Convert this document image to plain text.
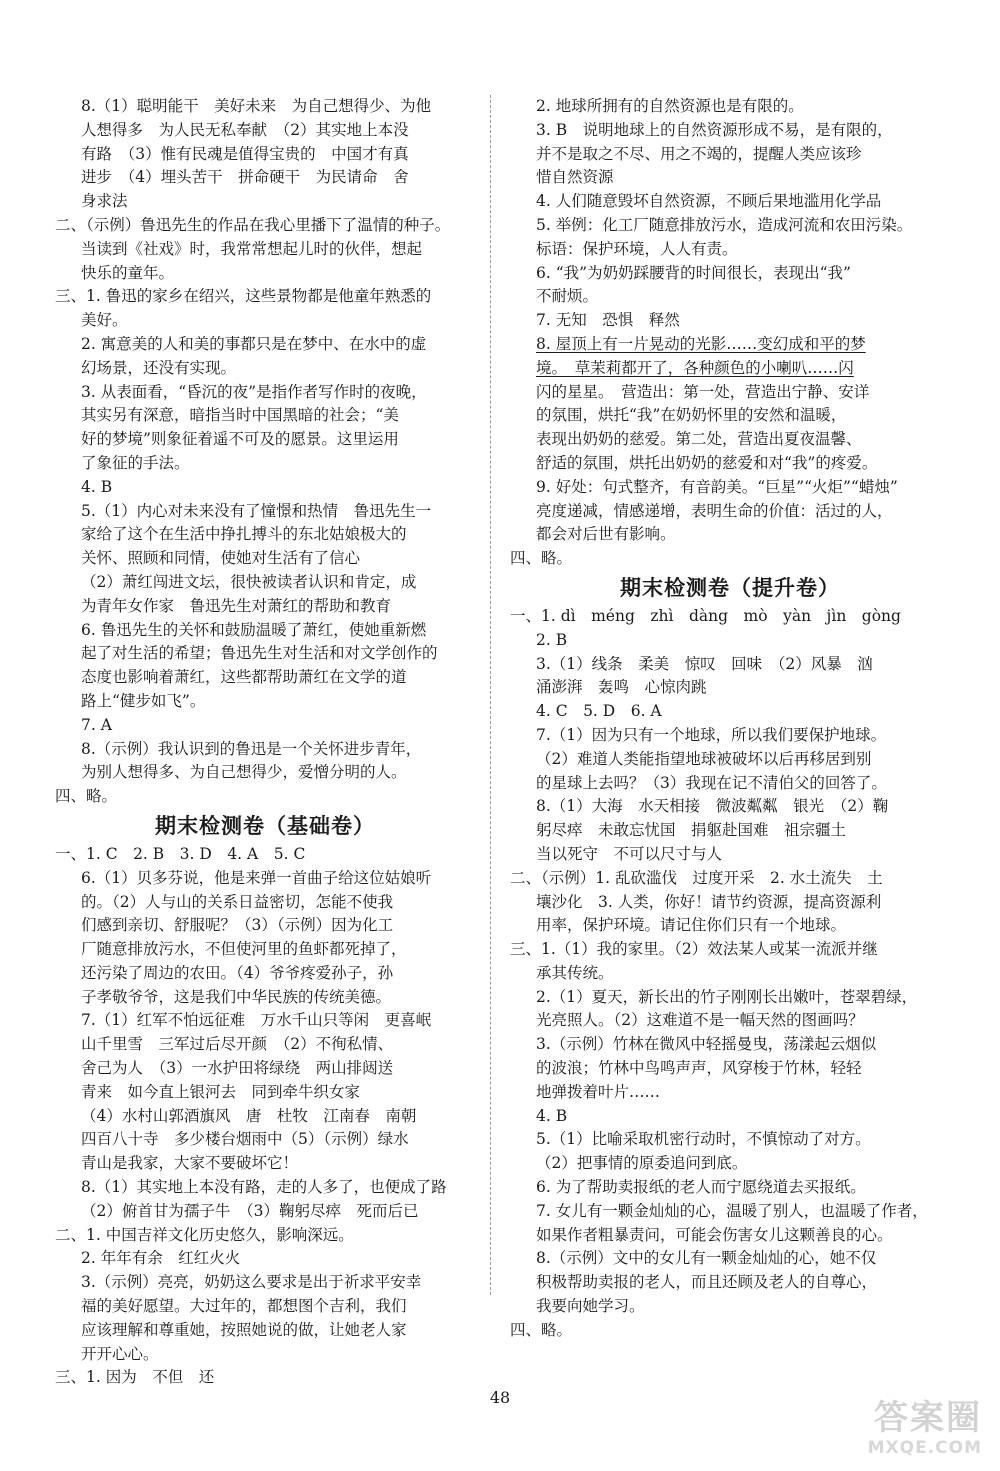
8.（1）聪明能干　美好未来　为自己想得少、为他
人想得多　为人民无私奉献　（2）其实地上本没
有路　（3）惟有民魂是值得宝贵的　中国才有真
进步　（4）埋头苦干　拼命硬干　为民请命　舍
身求法
二、（示例）鲁迅先生的作品在我心里播下了温情的种子。
当读到《社戏》时，我常常想起儿时的伙伴，想起
快乐的童年。
三、1. 鲁迅的家乡在绍兴，这些景物都是他童年熟悉的
美好。
2. 寓意美的人和美的事都只是在梦中、在水中的虚
幻场景，还没有实现。
3. 从表面看，“昏沉的夜”是指作者写作时的夜晚，
其实另有深意，暗指当时中国黑暗的社会；“美
好的梦境”则象征着遥不可及的愿景。这里运用
了象征的手法。
4. B
5.（1）内心对未来没有了憧憬和热情　鲁迅先生一
家给了这个在生活中挣扎搏斗的东北姑娘极大的
关怀、照顾和同情，使她对生活有了信心
（2）萧红闯进文坛，很快被读者认识和肯定，成
为青年女作家　鲁迅先生对萧红的帮助和教育
6. 鲁迅先生的关怀和鼓励温暖了萧红，使她重新燃
起了对生活的希望；鲁迅先生对生活和对文学创作的
态度也影响着萧红，这些都帮助萧红在文学的道
路上“健步如飞”。
7. A
8.（示例）我认识到的鲁迅是一个关怀进步青年，
为别人想得多、为自己想得少，爱憎分明的人。
四、略。
期末检测卷（基础卷）
一、1. C　2. B　3. D　4. A　5. C
6.（1）贝多芬说，他是来弹一首曲子给这位姑娘听
的。（2）人与山的关系日益密切，怎能不使我
们感到亲切、舒服呢？（3）（示例）因为化工
厂随意排放污水，不但使河里的鱼虾都死掉了，
还污染了周边的农田。（4）爷爷疼爱孙子，孙
子孝敬爷爷，这是我们中华民族的传统美德。
7.（1）红军不怕远征难　万水千山只等闲　更喜岷
山千里雪　三军过后尽开颜　（2）不徇私情、
舍己为人　（3）一水护田将绿绕　两山排闼送
青来　如今直上银河去　同到牵牛织女家
（4）水村山郭酒旗风　唐　杜牧　江南春　南朝
四百八十寺　多少楼台烟雨中（5）（示例）绿水
青山是我家，大家不要破坏它！
8.（1）其实地上本没有路，走的人多了，也便成了路
（2）俯首甘为孺子牛　（3）鞠躬尽瘁　死而后已
二、1. 中国吉祥文化历史悠久，影响深远。
2. 年年有余　红红火火
3.（示例）亮亮，奶奶这么要求是出于祈求平安幸
福的美好愿望。大过年的，都想图个吉利，我们
应该理解和尊重她，按照她说的做，让她老人家
开开心心。
三、1. 因为　不但　还
2. 地球所拥有的自然资源也是有限的。
3. B　说明地球上的自然资源形成不易，是有限的，
并不是取之不尽、用之不竭的，提醒人类应该珍
惜自然资源
4. 人们随意毁坏自然资源，不顾后果地滥用化学品
5. 举例：化工厂随意排放污水，造成河流和农田污染。
标语：保护环境，人人有责。
6. “我”为奶奶踩腰背的时间很长，表现出“我”
不耐烦。
7. 无知　恐惧　释然
8. 屋顶上有一片晃动的光影……变幻成和平的梦
境。　草茉莉都开了，各种颜色的小喇叭……闪
闪的星星。　营造出：第一处，营造出宁静、安详
的氛围，烘托“我”在奶奶怀里的安然和温暖，
表现出奶奶的慈爱。第二处，营造出夏夜温馨、
舒适的氛围，烘托出奶奶的慈爱和对“我”的疼爱。
9. 好处：句式整齐，有音韵美。“巨星”“火炬”“蜡烛”
亮度递减，情感递增，表明生命的价值：活过的人，
都会对后世有影响。
四、略。
期末检测卷（提升卷）
一、1. dì　méng　zhì　dàng　mò　yàn　jìn　gòng
2. B
3.（1）线条　柔美　惊叹　回味　（2）风暴　汹
涌澎湃　轰鸣　心惊肉跳
4. C　5. D　6. A
7.（1）因为只有一个地球，所以我们要保护地球。
（2）难道人类能指望地球被破坏以后再移居到别
的星球上去吗？（3）我现在记不清伯父的回答了。
8.（1）大海　水天相接　微波粼粼　银光　（2）鞠
躬尽瘁　未敢忘忧国　捐躯赴国难　祖宗疆土
当以死守　不可以尺寸与人
二、（示例）1. 乱砍滥伐　过度开采　2. 水土流失　土
壤沙化　3. 人类，你好！请节约资源，提高资源利
用率，保护环境。请记住你们只有一个地球。
三、1.（1）我的家里。（2）效法某人或某一流派并继
承其传统。
2.（1）夏天，新长出的竹子刚刚长出嫩叶，苍翠碧绿，
光亮照人。（2）这难道不是一幅天然的图画吗？
3.（示例）竹林在微风中轻摇曼曳，荡漾起云烟似
的波浪；竹林中鸟鸣声声，风穿梭于竹林，轻轻
地弹拨着叶片……
4. B
5.（1）比喻采取机密行动时，不慎惊动了对方。
（2）把事情的原委追问到底。
6. 为了帮助卖报纸的老人而宁愿绕道去买报纸。
7. 女儿有一颗金灿灿的心，温暖了别人，也温暖了作者，
如果作者粗暴责问，可能会伤害女儿这颗善良的心。
8.（示例）文中的女儿有一颗金灿灿的心，她不仅
积极帮助卖报的老人，而且还顾及老人的自尊心，
我要向她学习。
四、略。
48
答案圈
MXQE.COM
